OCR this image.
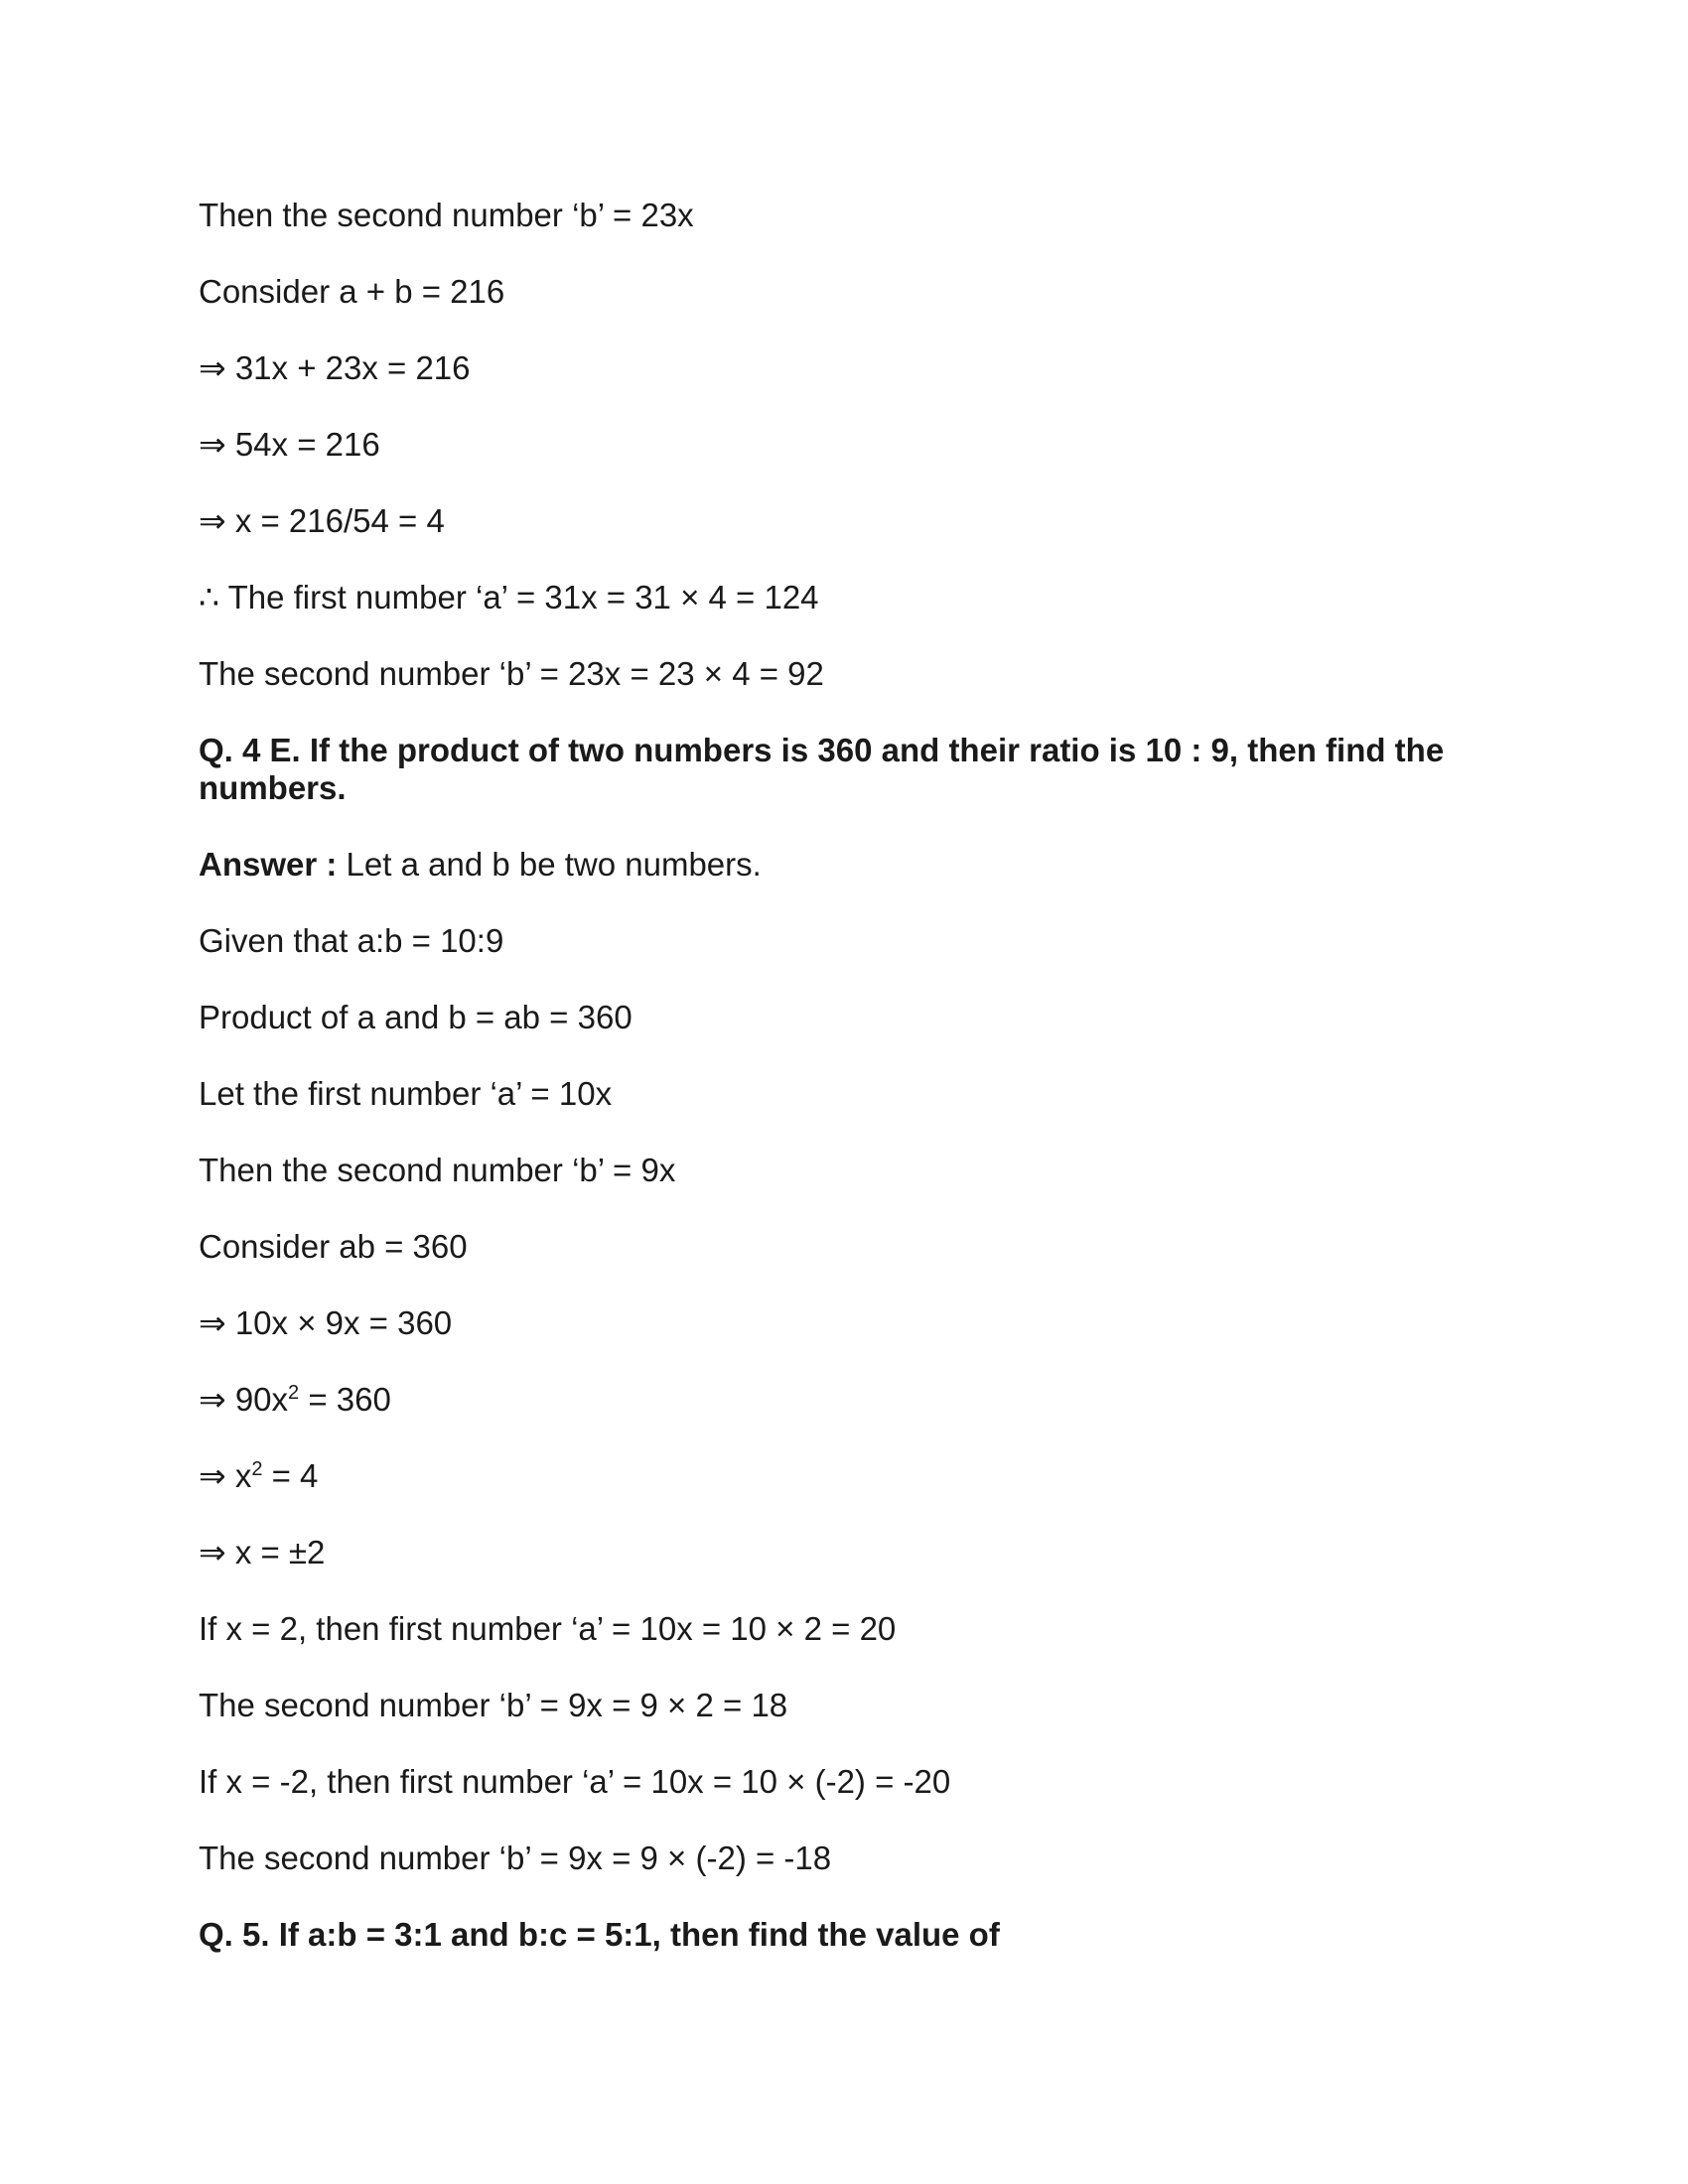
Then the second number ‘b’ = 23x
Consider a + b = 216
⇒ 31x + 23x = 216
⇒ 54x = 216
⇒ x = 216/54 = 4
∴ The first number ‘a’ = 31x = 31 × 4 = 124
The second number ‘b’ = 23x = 23 × 4 = 92
Q. 4 E. If the product of two numbers is 360 and their ratio is 10 : 9, then find the numbers.
Answer : Let a and b be two numbers.
Given that a:b = 10:9
Product of a and b = ab = 360
Let the first number ‘a’ = 10x
Then the second number ‘b’ = 9x
Consider ab = 360
⇒ 10x × 9x = 360
⇒ $90x^2 = 360$
⇒ $x^2 = 4$
⇒ x = ±2
If x = 2, then first number ‘a’ = 10x = 10 × 2 = 20
The second number ‘b’ = 9x = 9 × 2 = 18
If x = -2, then first number ‘a’ = 10x = 10 × (-2) = -20
The second number ‘b’ = 9x = 9 × (-2) = -18
Q. 5. If a:b = 3:1 and b:c = 5:1, then find the value of
